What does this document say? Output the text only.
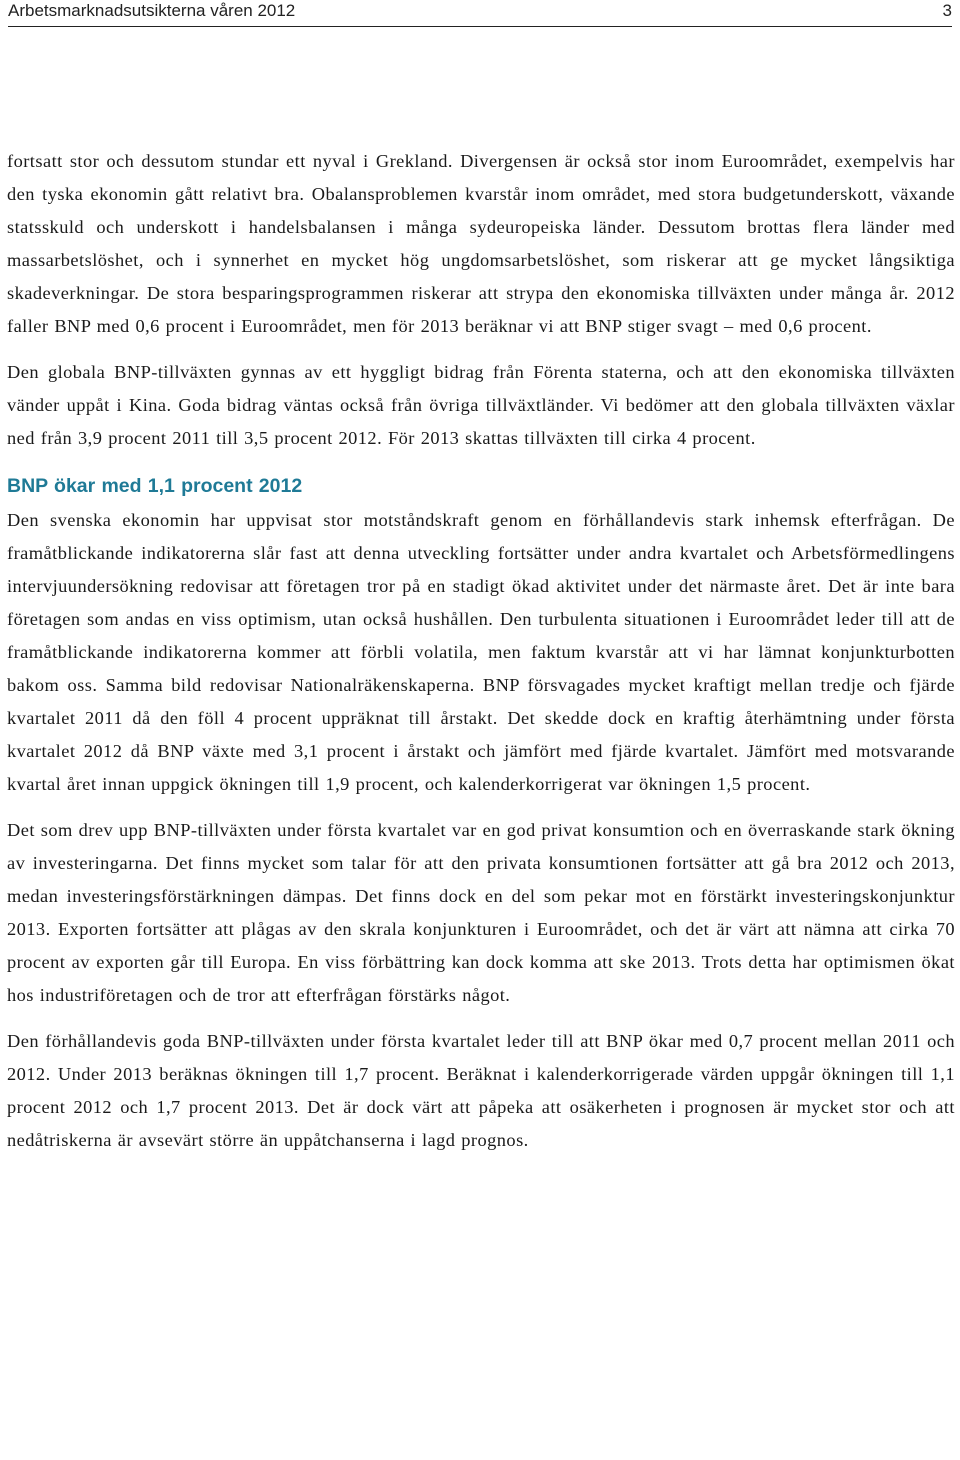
Arbetsmarknadsutsikterna våren 2012	3

fortsatt stor och dessutom stundar ett nyval i Grekland. Divergensen är också stor inom Euroområdet, exempelvis har den tyska ekonomin gått relativt bra. Obalansproblemen kvarstår inom området, med stora budgetunderskott, växande statsskuld och underskott i handelsbalansen i många sydeuropeiska länder. Dessutom brottas flera länder med massarbetslöshet, och i synnerhet en mycket hög ungdomsarbetslöshet, som riskerar att ge mycket långsiktiga skadeverkningar. De stora besparingsprogrammen riskerar att strypa den ekonomiska tillväxten under många år. 2012 faller BNP med 0,6 procent i Euroområdet, men för 2013 beräknar vi att BNP stiger svagt – med 0,6 procent.

Den globala BNP-tillväxten gynnas av ett hyggligt bidrag från Förenta staterna, och att den ekonomiska tillväxten vänder uppåt i Kina. Goda bidrag väntas också från övriga tillväxtländer. Vi bedömer att den globala tillväxten växlar ned från 3,9 procent 2011 till 3,5 procent 2012. För 2013 skattas tillväxten till cirka 4 procent.

BNP ökar med 1,1 procent 2012

Den svenska ekonomin har uppvisat stor motståndskraft genom en förhållandevis stark inhemsk efterfrågan. De framåtblickande indikatorerna slår fast att denna utveckling fortsätter under andra kvartalet och Arbetsförmedlingens intervjuundersökning redovisar att företagen tror på en stadigt ökad aktivitet under det närmaste året. Det är inte bara företagen som andas en viss optimism, utan också hushållen. Den turbulenta situationen i Euroområdet leder till att de framåtblickande indikatorerna kommer att förbli volatila, men faktum kvarstår att vi har lämnat konjunkturbotten bakom oss. Samma bild redovisar Nationalräkenskaperna. BNP försvagades mycket kraftigt mellan tredje och fjärde kvartalet 2011 då den föll 4 procent uppräknat till årstakt. Det skedde dock en kraftig återhämtning under första kvartalet 2012 då BNP växte med 3,1 procent i årstakt och jämfört med fjärde kvartalet. Jämfört med motsvarande kvartal året innan uppgick ökningen till 1,9 procent, och kalenderkorrigerat var ökningen 1,5 procent.

Det som drev upp BNP-tillväxten under första kvartalet var en god privat konsumtion och en överraskande stark ökning av investeringarna. Det finns mycket som talar för att den privata konsumtionen fortsätter att gå bra 2012 och 2013, medan investeringsförstärkningen dämpas. Det finns dock en del som pekar mot en förstärkt investeringskonjunktur 2013. Exporten fortsätter att plågas av den skrala konjunkturen i Euroområdet, och det är värt att nämna att cirka 70 procent av exporten går till Europa. En viss förbättring kan dock komma att ske 2013. Trots detta har optimismen ökat hos industriföretagen och de tror att efterfrågan förstärks något.

Den förhållandevis goda BNP-tillväxten under första kvartalet leder till att BNP ökar med 0,7 procent mellan 2011 och 2012. Under 2013 beräknas ökningen till 1,7 procent. Beräknat i kalenderkorrigerade värden uppgår ökningen till 1,1 procent 2012 och 1,7 procent 2013. Det är dock värt att påpeka att osäkerheten i prognosen är mycket stor och att nedåtriskerna är avsevärt större än uppåtchanserna i lagd prognos.
